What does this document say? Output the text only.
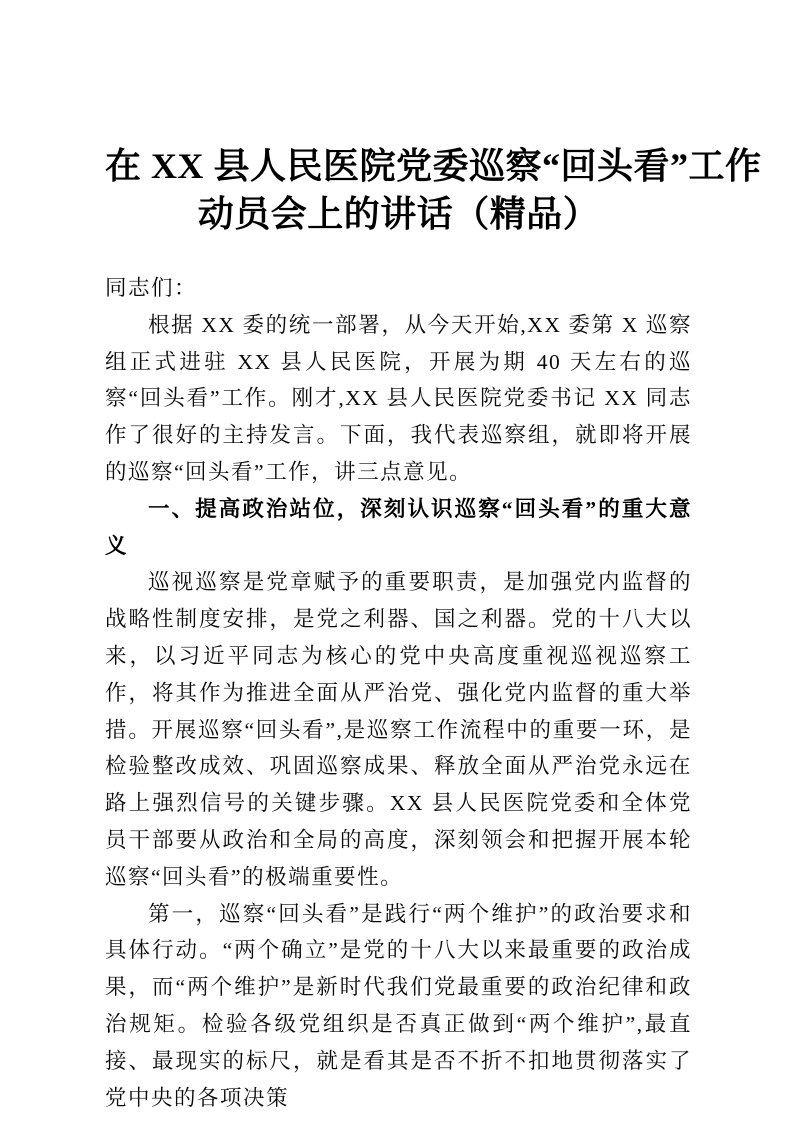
在 XX 县人民医院党委巡察“回头看”工作
动员会上的讲话（精品）

同志们：

根据 XX 委的统一部署，从今天开始,XX 委第 X 巡察组正式进驻 XX 县人民医院，开展为期 40 天左右的巡察“回头看”工作。刚才,XX 县人民医院党委书记 XX 同志作了很好的主持发言。下面，我代表巡察组，就即将开展的巡察“回头看”工作，讲三点意见。

一、提高政治站位，深刻认识巡察“回头看”的重大意义

巡视巡察是党章赋予的重要职责，是加强党内监督的战略性制度安排，是党之利器、国之利器。党的十八大以来，以习近平同志为核心的党中央高度重视巡视巡察工作，将其作为推进全面从严治党、强化党内监督的重大举措。开展巡察“回头看”,是巡察工作流程中的重要一环，是检验整改成效、巩固巡察成果、释放全面从严治党永远在路上强烈信号的关键步骤。XX 县人民医院党委和全体党员干部要从政治和全局的高度，深刻领会和把握开展本轮巡察“回头看”的极端重要性。

第一，巡察“回头看”是践行“两个维护”的政治要求和具体行动。“两个确立”是党的十八大以来最重要的政治成果，而“两个维护”是新时代我们党最重要的政治纪律和政治规矩。检验各级党组织是否真正做到“两个维护”,最直接、最现实的标尺，就是看其是否不折不扣地贯彻落实了党中央的各项决策
